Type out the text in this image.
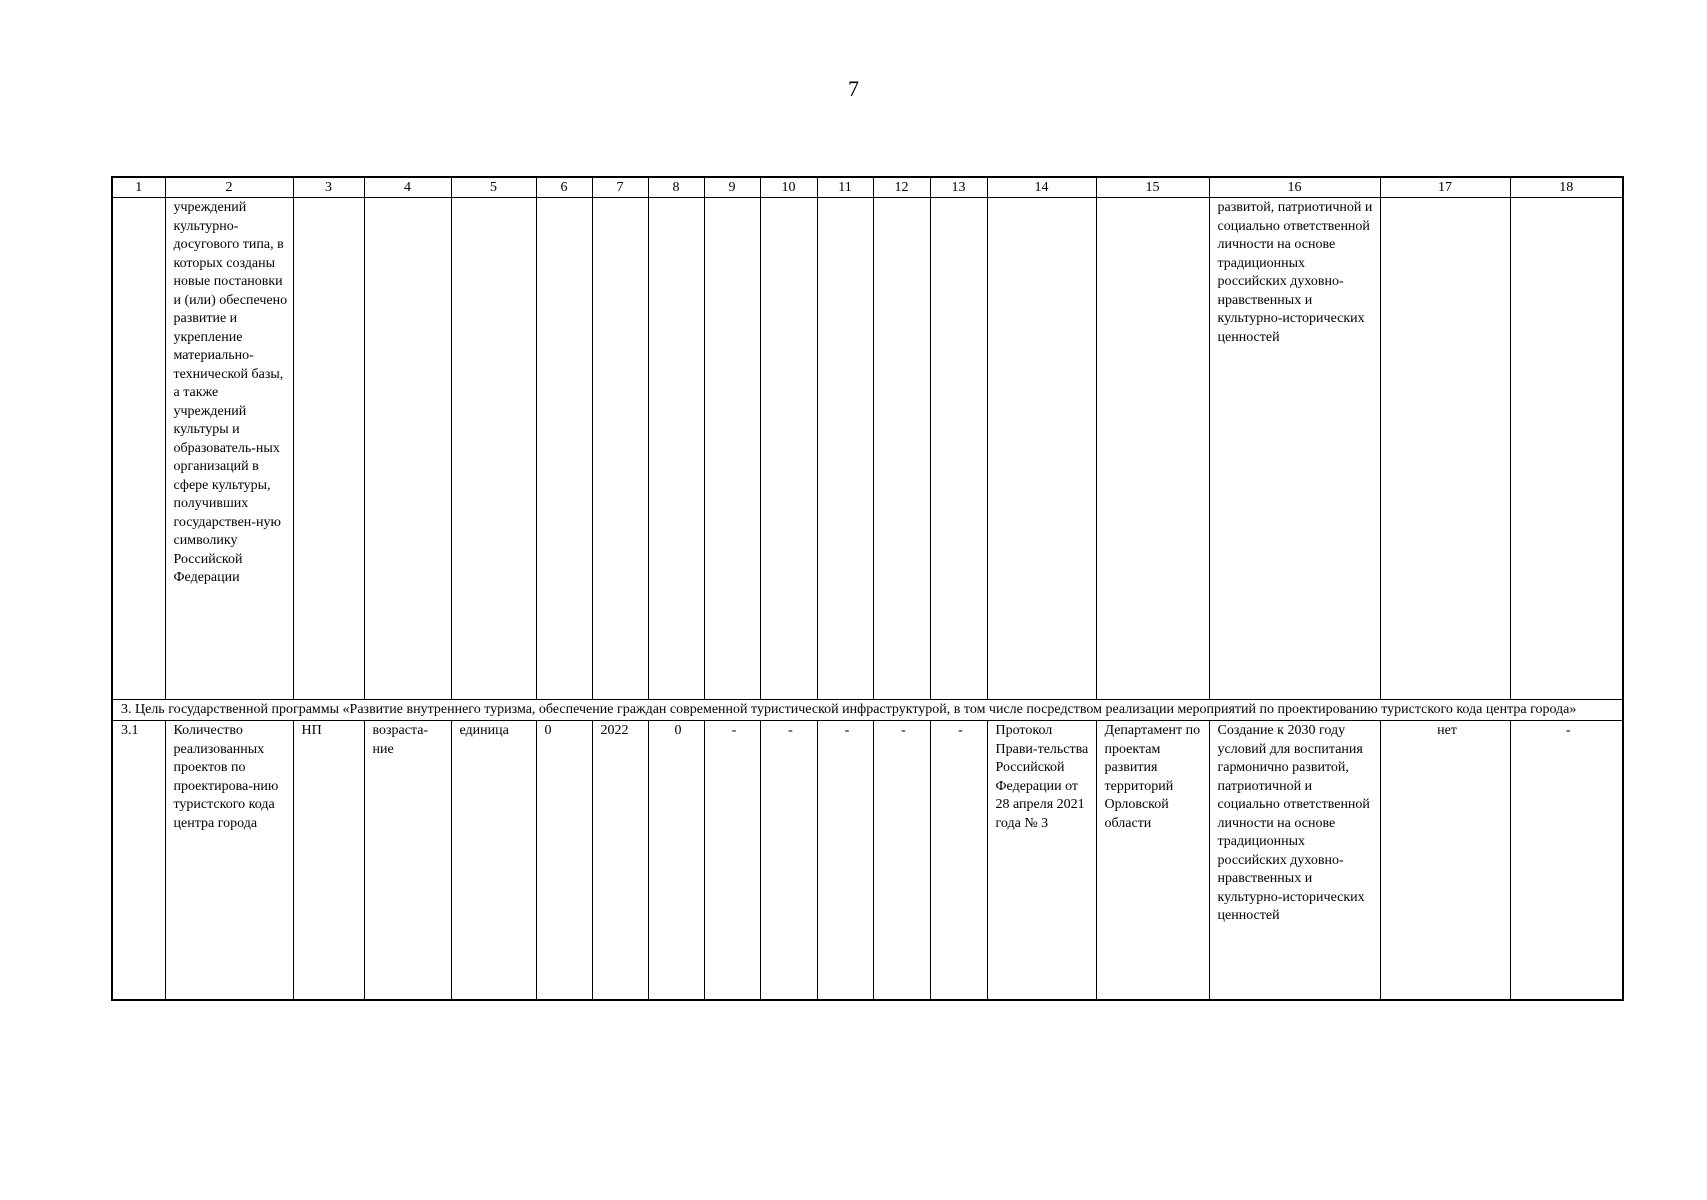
7
1	2	3	4	5	6	7	8	9	10	11	12	13	14	15	16	17	18
	учреждений культурно-досугового типа, в которых созданы новые постановки и (или) обеспечено развитие и укрепление материально-технической базы, а также учреждений культуры и образователь-ных организаций в сфере культуры, получивших государствен-ную символику Российской Федерации														развитой, патриотичной и социально ответственной личности на основе традиционных российских духовно-нравственных и культурно-исторических ценностей		
3. Цель государственной программы «Развитие внутреннего туризма, обеспечение граждан современной туристической инфраструктурой, в том числе посредством реализации мероприятий по проектированию туристского кода центра города»																	
3.1	Количество реализованных проектов по проектирова-нию туристского кода центра города	НП	возраста-ние	единица	0	2022	0	-	-	-	-	-	Протокол Прави-тельства Российской Федерации от 28 апреля 2021 года № 3	Департамент по проектам развития территорий Орловской области	Создание к 2030 году условий для воспитания гармонично развитой, патриотичной и социально ответственной личности на основе традиционных российских духовно-нравственных и культурно-исторических ценностей	нет	-
